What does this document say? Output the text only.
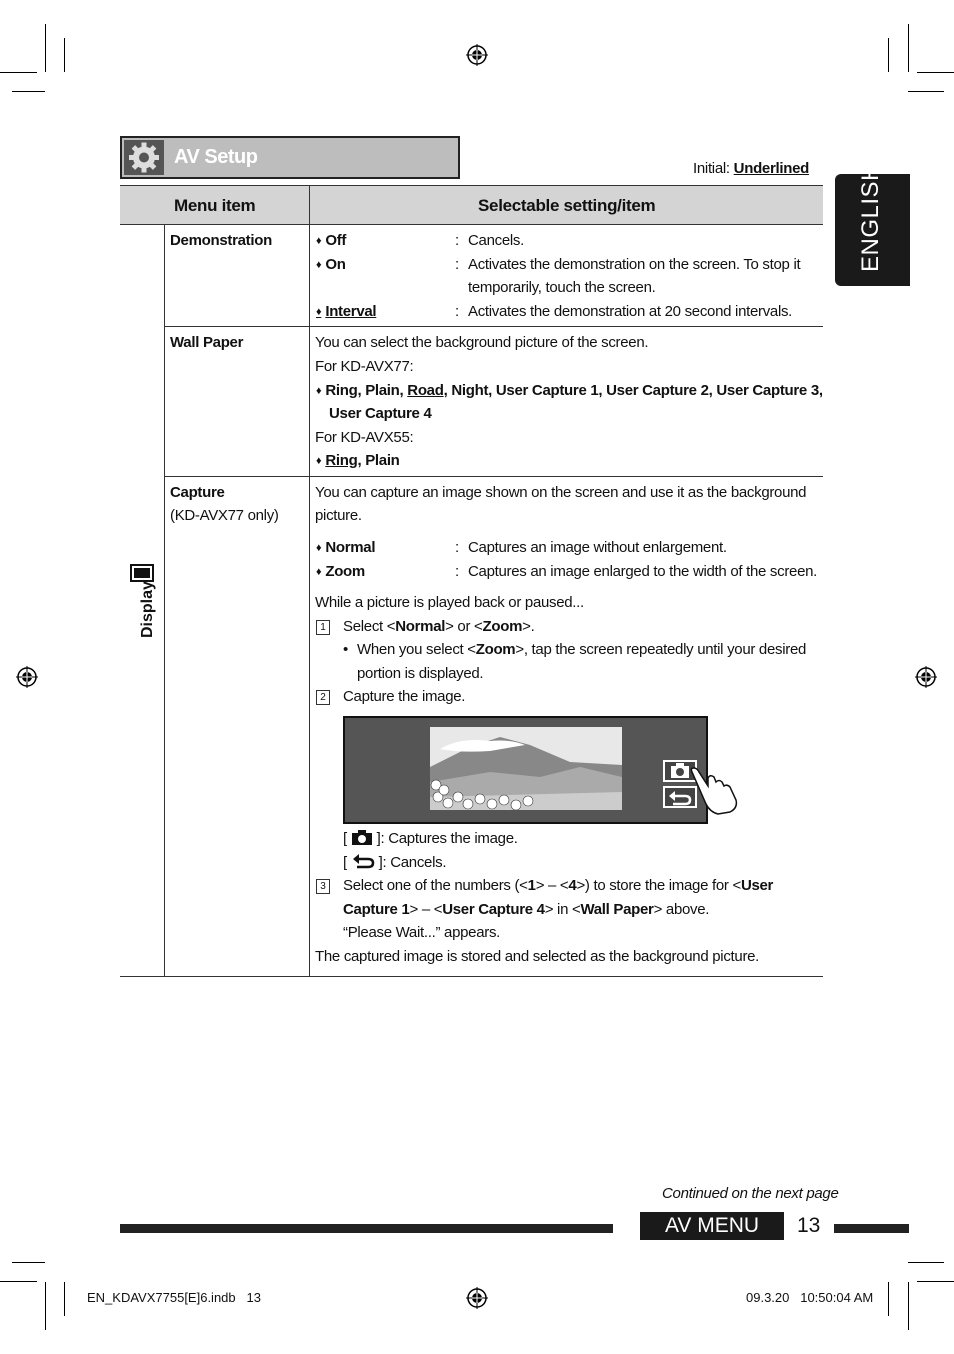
AV Setup
Initial: Underlined ENGLISH
Menu item	Selectable setting/item
Display
Demonstration
♦	Off	: Cancels.
♦ On	: Activates the demonstration on the screen. To stop it
temporarily, touch the screen.
♦ Interval	: Activates the demonstration at 20 second intervals.
Wall Paper	You can select the background picture of the screen.
For KD-AVX77:
♦ Ring, Plain, Road, Night, User Capture 1, User Capture 2, User Capture 3,
User Capture 4
For KD-AVX55:
♦ Ring, Plain
Capture
(KD-AVX77 only)
You can capture an image shown on the screen and use it as the background
picture.
♦ Normal	: Captures an image without enlargement.
♦ Zoom	: Captures an image enlarged to the width of the screen.
While a picture is played back or paused...
1 Select <Normal> or <Zoom>.
• When you select <Zoom>, tap the screen repeatedly until your desired
portion is displayed.
2 Capture the image.
[ ]: Captures the image.
[ ]: Cancels.
3 Select one of the numbers (<1> – <4>) to store the image for <User
Capture 1> – <User Capture 4> in <Wall Paper> above.
“Please Wait...” appears.
The captured image is stored and selected as the background picture.
Continued on the next page
AV MENU	13
EN_KDAVX7755[E]6.indb   13	09.3.20   10:50:04 AM
